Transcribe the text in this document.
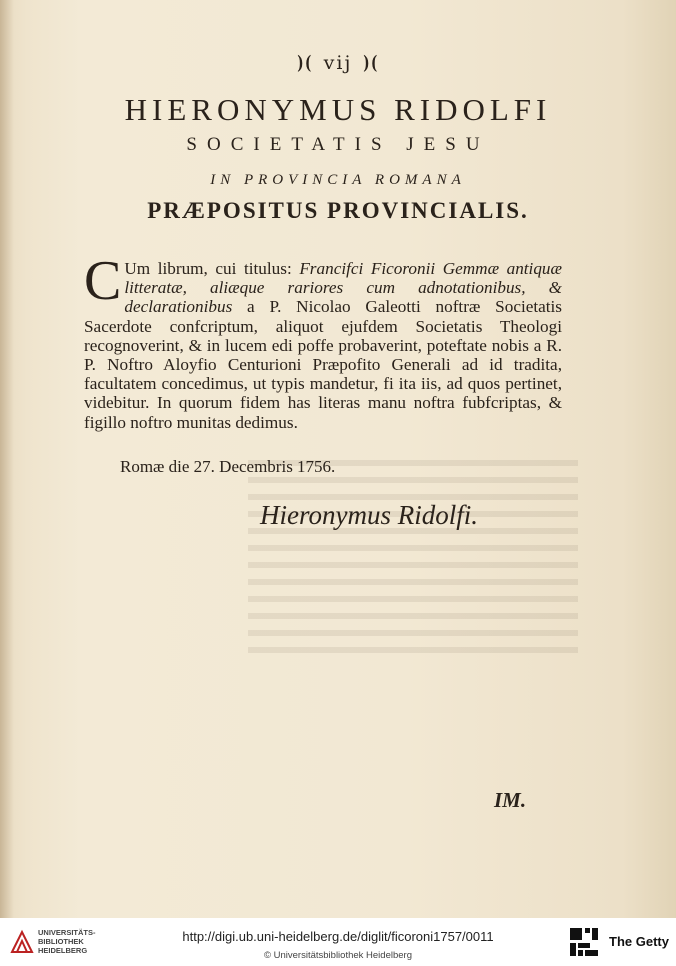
)( vij )(
HIERONYMUS RIDOLFI
SOCIETATIS JESU
IN PROVINCIA ROMANA
PRÆPOSITUS PROVINCIALIS.
C Um librum, cui titulus: Francifci Ficoronii Gemmæ antiquæ litteratæ, aliæque rariores cum adnotationibus, & declarationibus a P. Nicolao Galeotti noftræ Societatis Sacerdote confcriptum, aliquot ejufdem Societatis Theologi recognoverint, & in lucem edi poffe probaverint, poteftate nobis a R. P. Noftro Aloyfio Centurioni Præpofito Generali ad id tradita, facultatem concedimus, ut typis mandetur, fi ita iis, ad quos pertinet, videbitur. In quorum fidem has literas manu noftra fubfcriptas, & figillo noftro munitas dedimus.
Romæ die 27. Decembris 1756.
Hieronymus Ridolfi.
IM.
UNIVERSITÄTS-
BIBLIOTHEK
HEIDELBERG
http://digi.ub.uni-heidelberg.de/diglit/ficoroni1757/0011
© Universitätsbibliothek Heidelberg
The Getty
